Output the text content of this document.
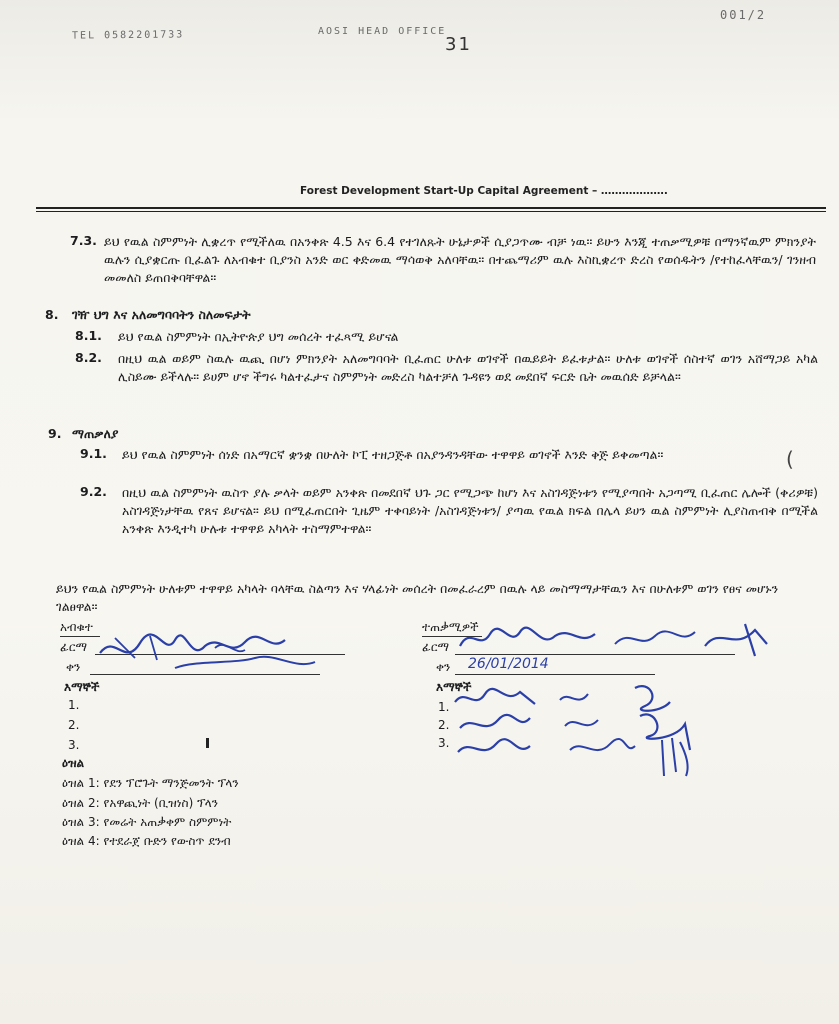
TEL 0582201733	AOSI HEAD OFFICE
31
001/2
Forest Development Start-Up Capital Agreement – ……………….
7.3. ይህ የዉል ስምምነት ሊቋረጥ የሚችለዉ በአንቀጽ 4.5 እና 6.4 የተገለጹት ሁኔታዎች ሲያጋጥሙ ብቻ ነዉ። ይሁን እንጂ ተጠቃሚዎቹ በማንኛዉም ምክንያት ዉሉን ሲያቋርጡ ቢፈልጉ ለአብቁተ ቢያንስ አንድ ወር ቀድመዉ ማሳወቅ አለባቸዉ። በተጨማሪም ዉሉ እስኪቋረጥ ድረስ የወሰዱትን /የተከፈላቸዉን/ ገንዘብ መመለስ ይጠበቅባቸዋል።
8. ገዥ ህግ እና አለመግባባትን ስለመፍታት
8.1. ይህ የዉል ስምምነት በኢትዮጵያ ህግ መሰረት ተፈጻሚ ይሆናል
8.2. በዚህ ዉል ወይም ስዉሉ ዉጪ በሆነ ምክንያት አለመግባባት ቢፈጠር ሁለቱ ወገኖች በዉይይት ይፈቱታል። ሁለቱ ወገኖች ሰስተኛ ወገን አሸማጋይ አካል ሊስይሙ ይችላሉ። ይሀም ሆኖ ችግሩ ካልተፈታና ስምምነት መድረስ ካልተቻለ ጉዳዩን ወደ መደበኛ ፍርድ ቤት መዉሰድ ይቻላል።
9. ማጠቃለያ
9.1. ይህ የዉል ስምምነት ሰነድ በአማርኛ ቋንቋ በሁለት ኮፒ ተዘጋጅቶ በአያንዳንዳቸው ተዋዋይ ወገኖች እንድ ቅጅ ይቀመጣል።
9.2. በዚህ ዉል ስምምነት ዉስጥ ያሉ ቃላት ወይም አንቀጽ በመደበኛ ህጉ ጋር የሚጋጭ ከሆነ እና አስገዳጅነቱን የሚያጣበት አጋጣሚ ቢፈጠር ሌሎች (ቀሪዎቹ) አስገዳጅነታቸዉ የጸና ይሆናል። ይህ በሚፈጠርበት ጊዜም ተቀባይነት /አስገዳጅነቱን/ ያጣዉ የዉል ክፍል በሌላ ይሀን ዉል ስምምነት ሊያስጠብቅ በሚችል አንቀጽ እንዲተካ ሁሉቱ ተዋዋይ አካላት ተስማምተዋል።
ይህን የዉል ስምምነት ሁለቱም ተዋዋይ አካላት ባላቸዉ ስልጣን እና ሃላፊነት መሰረት በመፈራረም በዉሉ ላይ መስማማታቸዉን እና በሁለቱም ወገን የፀና መሆኑን ገልፀዋል።
(
አብቁተ
ፊርማ
ቀን
እማኞች
1.
2.
3.
ተጠቃሚዎች
ፊርማ
ቀን 26/01/2014
እማኞች
1.
2.
3.
ዕዝል
ዕዝል 1: የደን ፕሮጉት ማንጅመንት ፕላን
ዕዝል 2: የአዋጪነት (ቢዝነስ) ፕላን
ዕዝል 3: የመሬት አጠቃቀም ስምምነት
ዕዝል 4: የተደራጀ ቡድን የውስጥ ደንብ
